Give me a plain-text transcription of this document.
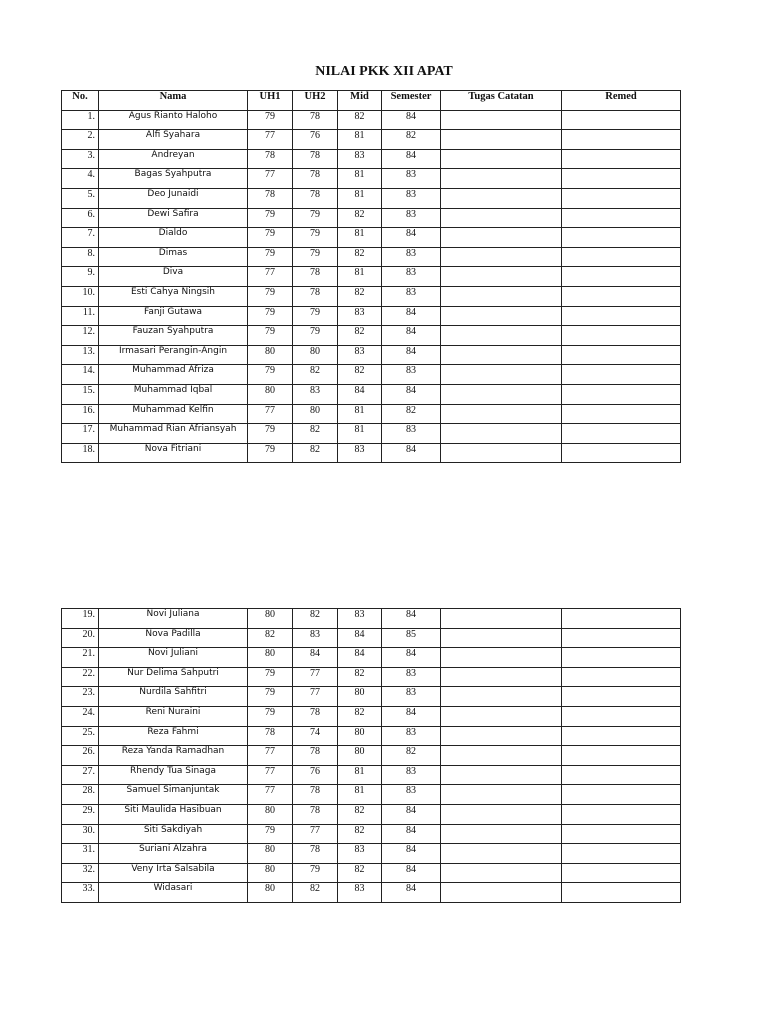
NILAI PKK XII APAT
No.	Nama	UH1	UH2	Mid	Semester	Tugas Catatan	Remed
1.	Agus Rianto Haloho	79	78	82	84		
2.	Alfi Syahara	77	76	81	82		
3.	Andreyan	78	78	83	84		
4.	Bagas Syahputra	77	78	81	83		
5.	Deo Junaidi	78	78	81	83		
6.	Dewi Safira	79	79	82	83		
7.	Dialdo	79	79	81	84		
8.	Dimas	79	79	82	83		
9.	Diva	77	78	81	83		
10.	Esti Cahya Ningsih	79	78	82	83		
11.	Fanji Gutawa	79	79	83	84		
12.	Fauzan Syahputra	79	79	82	84		
13.	Irmasari Perangin-Angin	80	80	83	84		
14.	Muhammad Afriza	79	82	82	83		
15.	Muhammad Iqbal	80	83	84	84		
16.	Muhammad Kelfin	77	80	81	82		
17.	Muhammad Rian Afriansyah	79	82	81	83		
18.	Nova Fitriani	79	82	83	84		
19.	Novi Juliana	80	82	83	84		
20.	Nova Padilla	82	83	84	85		
21.	Novi Juliani	80	84	84	84		
22.	Nur Delima Sahputri	79	77	82	83		
23.	Nurdila Sahfitri	79	77	80	83		
24.	Reni Nuraini	79	78	82	84		
25.	Reza Fahmi	78	74	80	83		
26.	Reza Yanda Ramadhan	77	78	80	82		
27.	Rhendy Tua Sinaga	77	76	81	83		
28.	Samuel Simanjuntak	77	78	81	83		
29.	Siti Maulida Hasibuan	80	78	82	84		
30.	Siti Sakdiyah	79	77	82	84		
31.	Suriani Alzahra	80	78	83	84		
32.	Veny Irta Salsabila	80	79	82	84		
33.	Widasari	80	82	83	84		
